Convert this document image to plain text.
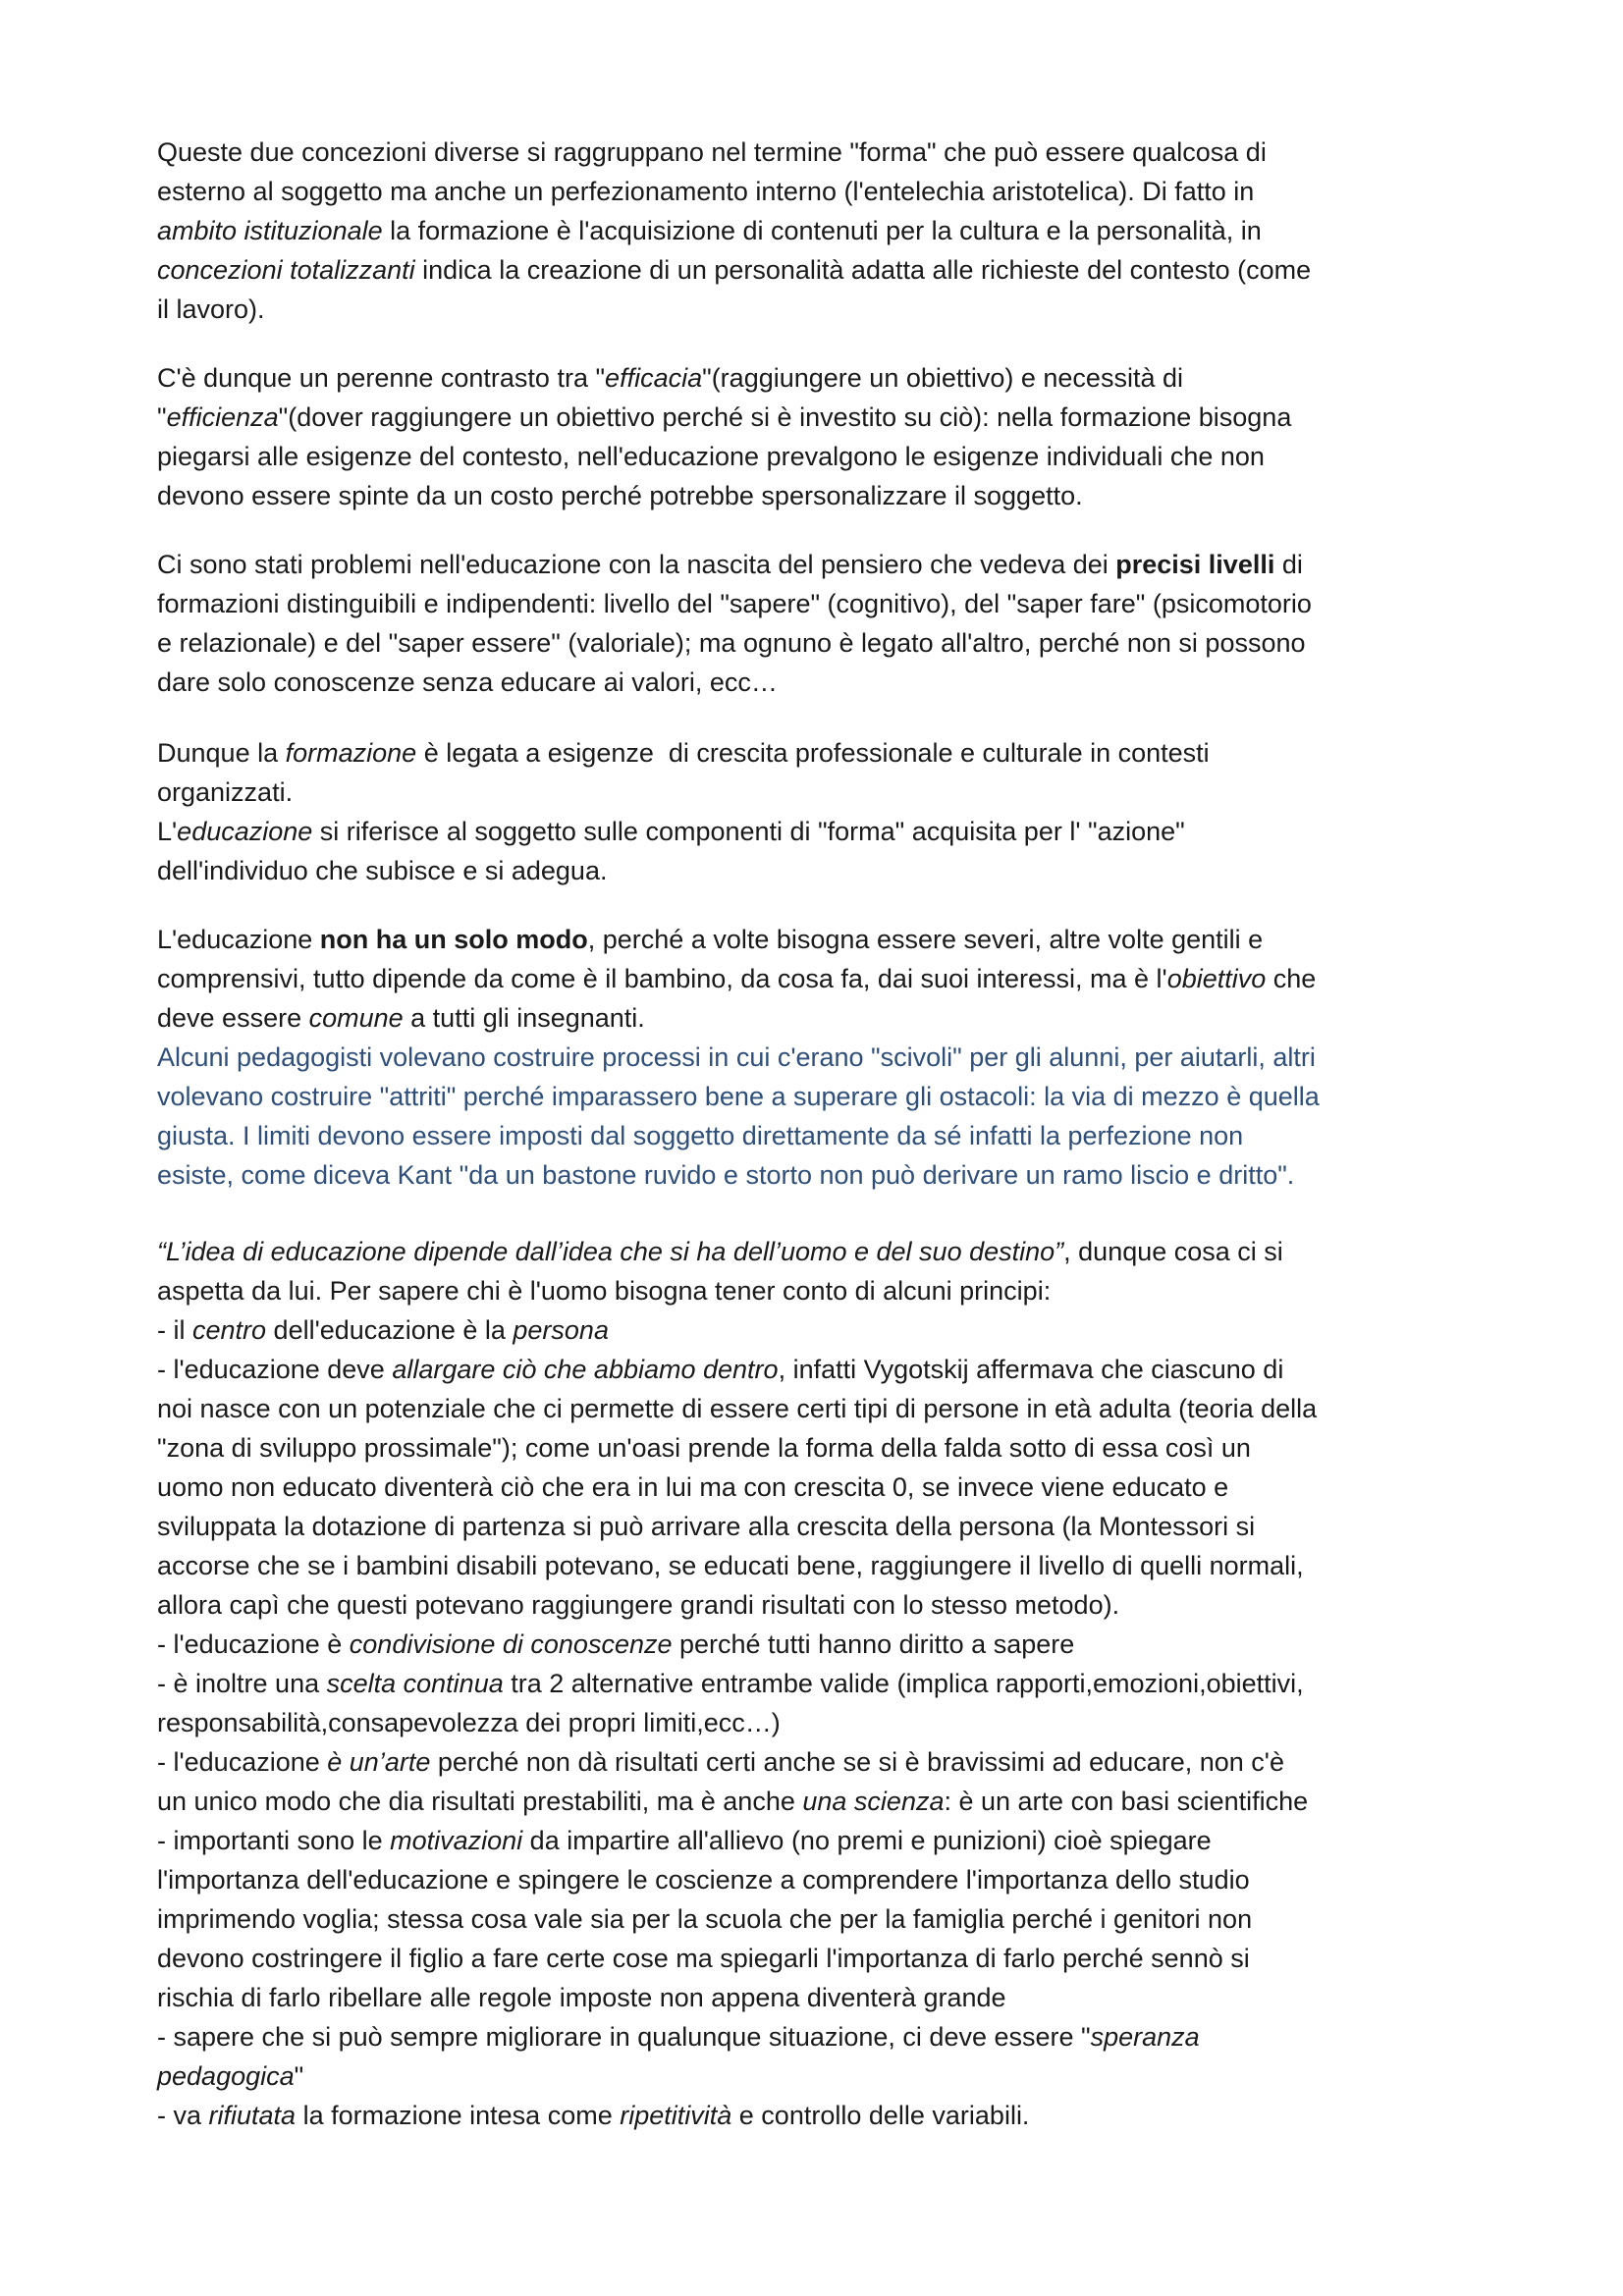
Queste due concezioni diverse si raggruppano nel termine "forma" che può essere qualcosa di
esterno al soggetto ma anche un perfezionamento interno (l'entelechia aristotelica). Di fatto in
ambito istituzionale la formazione è l'acquisizione di contenuti per la cultura e la personalità, in
concezioni totalizzanti indica la creazione di un personalità adatta alle richieste del contesto (come
il lavoro).
C'è dunque un perenne contrasto tra "efficacia"(raggiungere un obiettivo) e necessità di
"efficienza"(dover raggiungere un obiettivo perché si è investito su ciò): nella formazione bisogna
piegarsi alle esigenze del contesto, nell'educazione prevalgono le esigenze individuali che non
devono essere spinte da un costo perché potrebbe spersonalizzare il soggetto.
Ci sono stati problemi nell'educazione con la nascita del pensiero che vedeva dei precisi livelli di
formazioni distinguibili e indipendenti: livello del "sapere" (cognitivo), del "saper fare" (psicomotorio
e relazionale) e del "saper essere" (valoriale); ma ognuno è legato all'altro, perché non si possono
dare solo conoscenze senza educare ai valori, ecc…
Dunque la formazione è legata a esigenze  di crescita professionale e culturale in contesti
organizzati.
L'educazione si riferisce al soggetto sulle componenti di "forma" acquisita per l' "azione"
dell'individuo che subisce e si adegua.
L'educazione non ha un solo modo, perché a volte bisogna essere severi, altre volte gentili e
comprensivi, tutto dipende da come è il bambino, da cosa fa, dai suoi interessi, ma è l'obiettivo che
deve essere comune a tutti gli insegnanti.
Alcuni pedagogisti volevano costruire processi in cui c'erano "scivoli" per gli alunni, per aiutarli, altri
volevano costruire "attriti" perché imparassero bene a superare gli ostacoli: la via di mezzo è quella
giusta. I limiti devono essere imposti dal soggetto direttamente da sé infatti la perfezione non
esiste, come diceva Kant "da un bastone ruvido e storto non può derivare un ramo liscio e dritto".
“L’idea di educazione dipende dall’idea che si ha dell’uomo e del suo destino”, dunque cosa ci si
aspetta da lui. Per sapere chi è l'uomo bisogna tener conto di alcuni principi:
- il centro dell'educazione è la persona
- l'educazione deve allargare ciò che abbiamo dentro, infatti Vygotskij affermava che ciascuno di
noi nasce con un potenziale che ci permette di essere certi tipi di persone in età adulta (teoria della
"zona di sviluppo prossimale"); come un'oasi prende la forma della falda sotto di essa così un
uomo non educato diventerà ciò che era in lui ma con crescita 0, se invece viene educato e
sviluppata la dotazione di partenza si può arrivare alla crescita della persona (la Montessori si
accorse che se i bambini disabili potevano, se educati bene, raggiungere il livello di quelli normali,
allora capì che questi potevano raggiungere grandi risultati con lo stesso metodo).
- l'educazione è condivisione di conoscenze perché tutti hanno diritto a sapere
- è inoltre una scelta continua tra 2 alternative entrambe valide (implica rapporti,emozioni,obiettivi,
responsabilità,consapevolezza dei propri limiti,ecc…)
- l'educazione è un’arte perché non dà risultati certi anche se si è bravissimi ad educare, non c'è
un unico modo che dia risultati prestabiliti, ma è anche una scienza: è un arte con basi scientifiche
- importanti sono le motivazioni da impartire all'allievo (no premi e punizioni) cioè spiegare
l'importanza dell'educazione e spingere le coscienze a comprendere l'importanza dello studio
imprimendo voglia; stessa cosa vale sia per la scuola che per la famiglia perché i genitori non
devono costringere il figlio a fare certe cose ma spiegarli l'importanza di farlo perché sennò si
rischia di farlo ribellare alle regole imposte non appena diventerà grande
- sapere che si può sempre migliorare in qualunque situazione, ci deve essere "speranza
pedagogica"
- va rifiutata la formazione intesa come ripetitività e controllo delle variabili.
